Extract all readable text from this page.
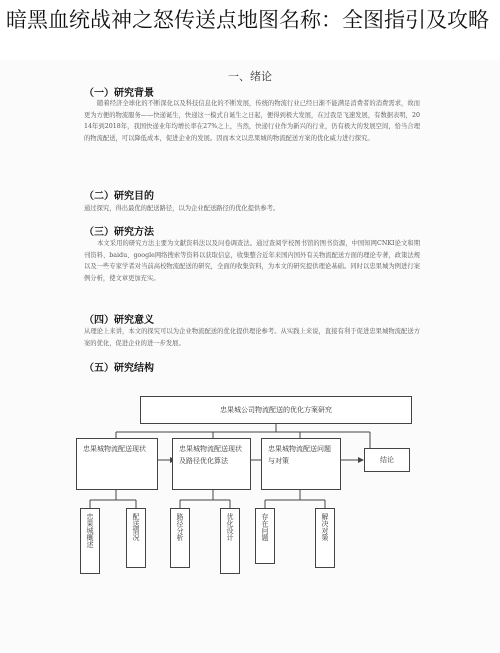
暗黑血统战神之怒传送点地图名称：全图指引及攻略
一、绪论
（一）研究背景
随着经济全球化的不断深化以及科技信息化的不断发展，传统的物流行业已经日渐不能满足消费者的消费需求，故而更为方便的物流服务——快递诞生，快递这一模式自诞生之日起，便得到极大发展，在过我是飞速发展，有数据表明，2014年到2018年，我国快递业年均增长率在27%之上，当然，快递行业作为新兴的行业，仍有极大的发展空间，恰当合理的物流配送，可以降低成本，促进企业的发展。因而本文以忠果城的物流配送方案的优化威力进行探究。
（二）研究目的
通过探究，得出最优的配送路径，以为企业配送路径的优化提供参考。
（三）研究方法
本文采用的研究方法主要为文献资料法以及问卷调查法。通过查阅学校图书馆的图书资源，中国知网CNKI论文和期刊资料、baidu、google网络搜索等资料以获取信息，收集整合近年来国内国外有关物流配送方面的理论专著，政策法规以及一些专家学者对当前高校物流配送的研究，全面的收集资料，为本文的研究提供理论基础。同时以忠果城为例进行案例分析，使文章更加充实。
（四）研究意义
从理论上来讲，本文的探究可以为企业物流配送的优化提供理论参考。从实践上来说，直接有利于促进忠果城物流配送方案的优化，促进企业的进一步发展。
（五）研究结构
忠果城公司物流配送的优化方案研究
忠果城物流配送现状	忠果城物流配送现状及路径优化算法
忠果城物流配送问题与对策	结论
忠果城概述	配送情况	路径分析	优化设计	存在问题	解决对策
